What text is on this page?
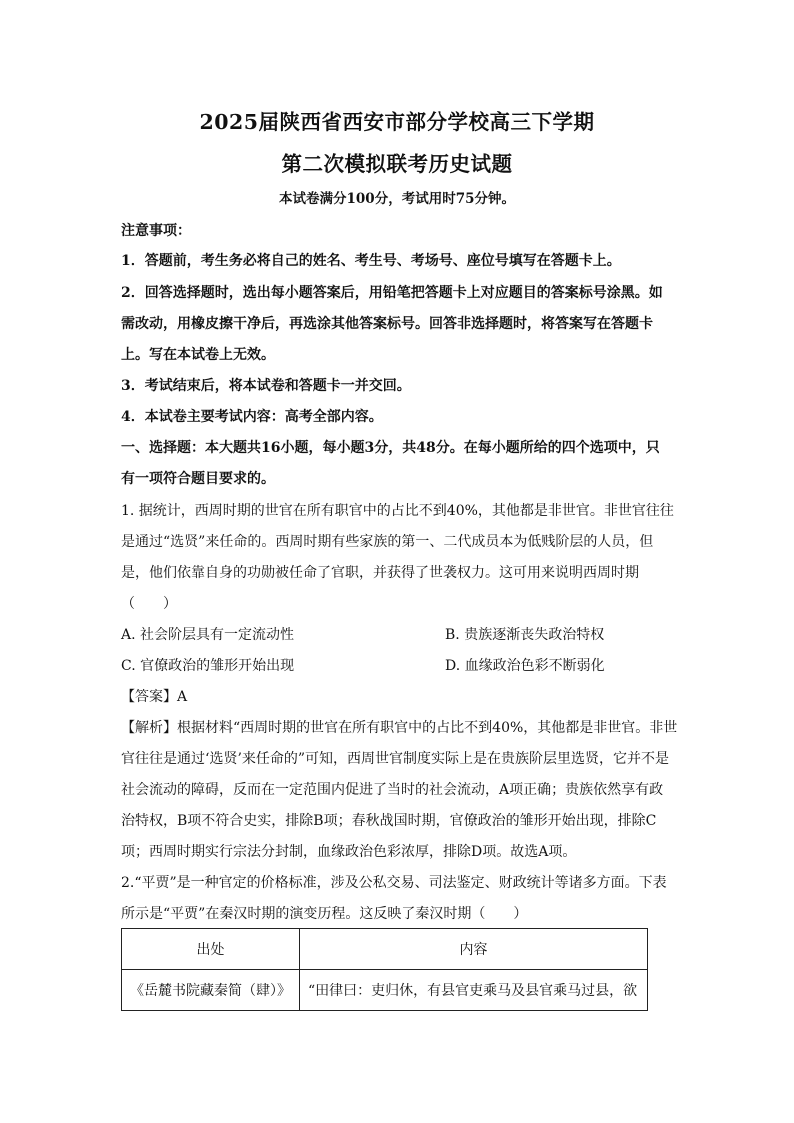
2025届陕西省西安市部分学校高三下学期
第二次模拟联考历史试题
本试卷满分100分，考试用时75分钟。
注意事项：
1．答题前，考生务必将自己的姓名、考生号、考场号、座位号填写在答题卡上。
2．回答选择题时，选出每小题答案后，用铅笔把答题卡上对应题目的答案标号涂黑。如
需改动，用橡皮擦干净后，再选涂其他答案标号。回答非选择题时，将答案写在答题卡
上。写在本试卷上无效。
3．考试结束后，将本试卷和答题卡一并交回。
4．本试卷主要考试内容：高考全部内容。
一、选择题：本大题共16小题，每小题3分，共48分。在每小题所给的四个选项中，只
有一项符合题目要求的。
1. 据统计，西周时期的世官在所有职官中的占比不到40%，其他都是非世官。非世官往往
是通过“选贤”来任命的。西周时期有些家族的第一、二代成员本为低贱阶层的人员，但
是，他们依靠自身的功勋被任命了官职，并获得了世袭权力。这可用来说明西周时期
（　　）
A. 社会阶层具有一定流动性	B. 贵族逐渐丧失政治特权
C. 官僚政治的雏形开始出现	D. 血缘政治色彩不断弱化
【答案】A
【解析】根据材料“西周时期的世官在所有职官中的占比不到40%，其他都是非世官。非世
官往往是通过‘选贤’来任命的”可知，西周世官制度实际上是在贵族阶层里选贤，它并不是
社会流动的障碍，反而在一定范围内促进了当时的社会流动，A项正确；贵族依然享有政
治特权，B项不符合史实，排除B项；春秋战国时期，官僚政治的雏形开始出现，排除C
项；西周时期实行宗法分封制，血缘政治色彩浓厚，排除D项。故选A项。
2.“平贾”是一种官定的价格标准，涉及公私交易、司法鉴定、财政统计等诸多方面。下表
所示是“平贾”在秦汉时期的演变历程。这反映了秦汉时期（　　）
出处	内容
《岳麓书院藏秦简（肆）》	“田律曰：吏归休，有县官吏乘马及县官乘马过县，欲
